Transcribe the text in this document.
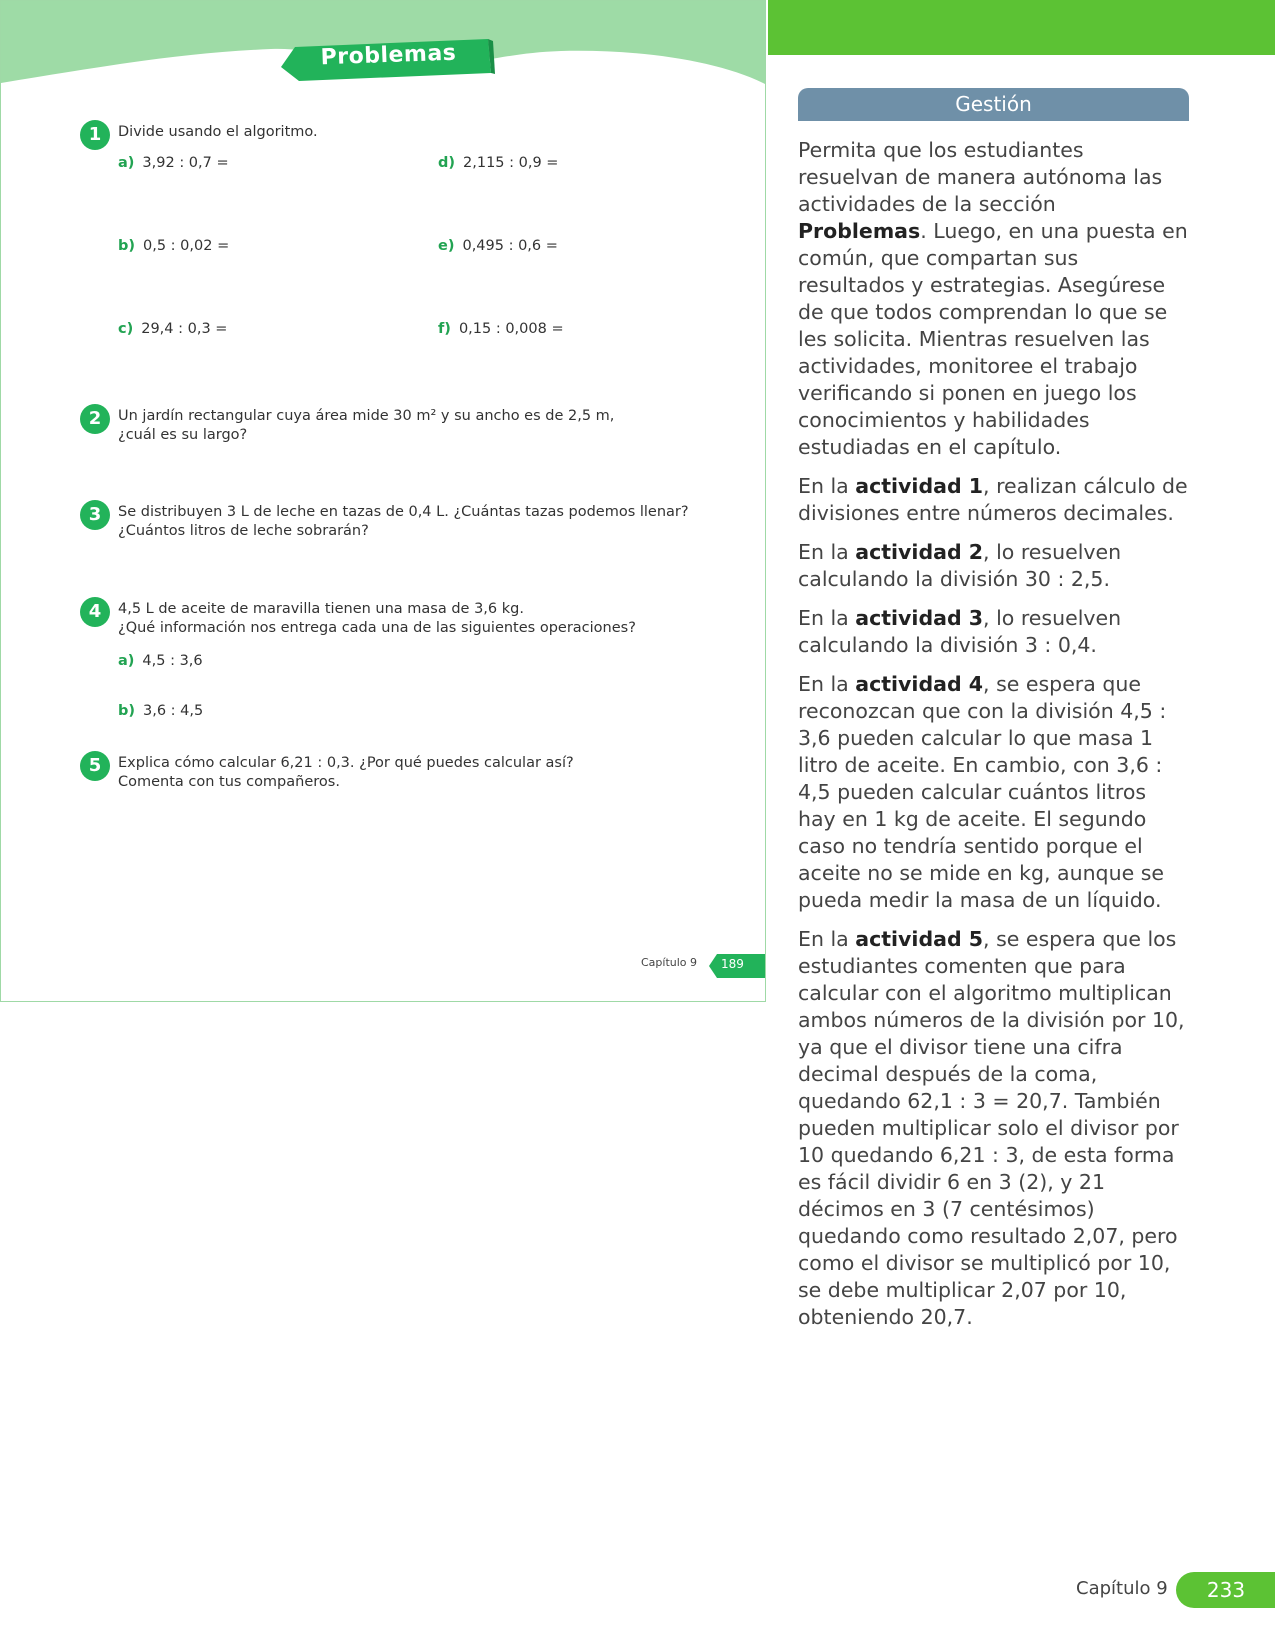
Problemas
1	Divide usando el algoritmo.
a) 3,92 : 0,7 =
b) 0,5 : 0,02 =
c) 29,4 : 0,3 =
d) 2,115 : 0,9 =
e) 0,495 : 0,6 =
f) 0,15 : 0,008 =
2	Un jardín rectangular cuya área mide 30 m² y su ancho es de 2,5 m,
¿cuál es su largo?
3	Se distribuyen 3 L de leche en tazas de 0,4 L. ¿Cuántas tazas podemos llenar?
¿Cuántos litros de leche sobrarán?
4	4,5 L de aceite de maravilla tienen una masa de 3,6 kg.
¿Qué información nos entrega cada una de las siguientes operaciones?
a) 4,5 : 3,6
b) 3,6 : 4,5
5	Explica cómo calcular 6,21 : 0,3. ¿Por qué puedes calcular así?
Comenta con tus compañeros.
Capítulo 9 189
Gestión

Permita que los estudiantes resuelvan de manera autónoma las actividades de la sección Problemas. Luego, en una puesta en común, que compartan sus resultados y estrategias. Asegúrese de que todos comprendan lo que se les solicita. Mientras resuelven las actividades, monitoree el trabajo verificando si ponen en juego los conocimientos y habilidades estudiadas en el capítulo.

En la actividad 1, realizan cálculo de divisiones entre números decimales.

En la actividad 2, lo resuelven calculando la división 30 : 2,5.

En la actividad 3, lo resuelven calculando la división 3 : 0,4.

En la actividad 4, se espera que reconozcan que con la división 4,5 : 3,6 pueden calcular lo que masa 1 litro de aceite. En cambio, con 3,6 : 4,5 pueden calcular cuántos litros hay en 1 kg de aceite. El segundo caso no tendría sentido porque el aceite no se mide en kg, aunque se pueda medir la masa de un líquido.

En la actividad 5, se espera que los estudiantes comenten que para calcular con el algoritmo multiplican ambos números de la división por 10, ya que el divisor tiene una cifra decimal después de la coma, quedando 62,1 : 3 = 20,7. También pueden multiplicar solo el divisor por 10 quedando 6,21 : 3, de esta forma es fácil dividir 6 en 3 (2), y 21 décimos en 3 (7 centésimos) quedando como resultado 2,07, pero como el divisor se multiplicó por 10, se debe multiplicar 2,07 por 10, obteniendo 20,7.

Capítulo 9	233
